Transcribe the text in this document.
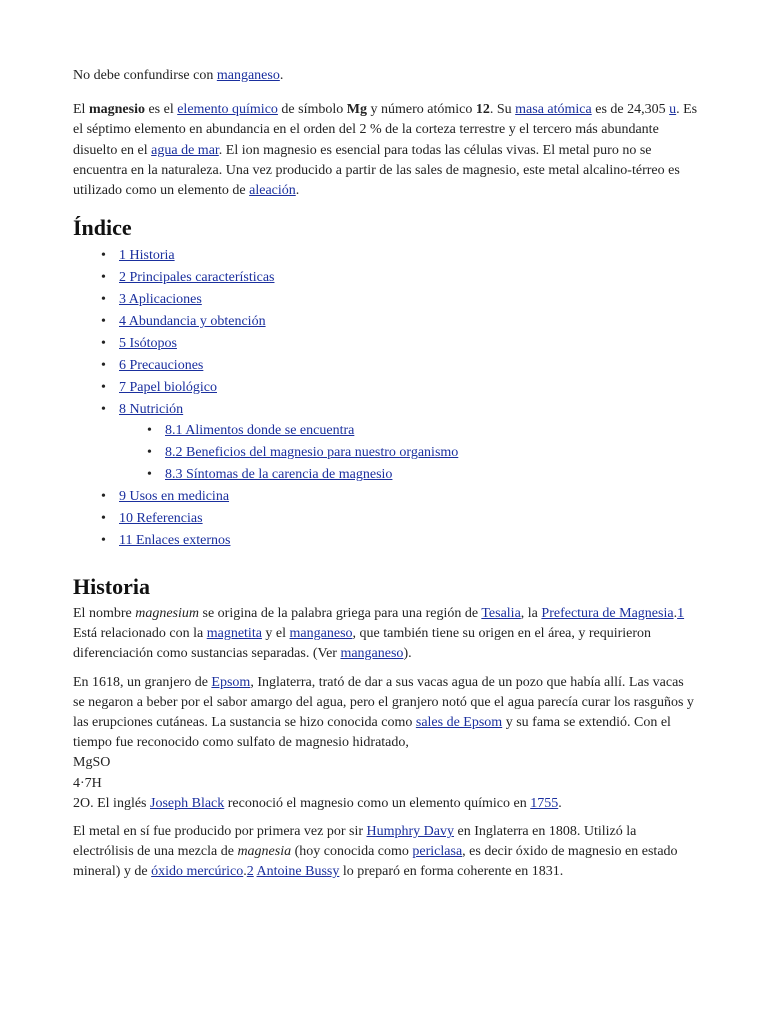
No debe confundirse con manganeso.

El magnesio es el elemento químico de símbolo Mg y número atómico 12. Su masa atómica es de 24,305 u. Es el séptimo elemento en abundancia en el orden del 2 % de la corteza terrestre y el tercero más abundante disuelto en el agua de mar. El ion magnesio es esencial para todas las células vivas. El metal puro no se encuentra en la naturaleza. Una vez producido a partir de las sales de magnesio, este metal alcalino-térreo es utilizado como un elemento de aleación.

Índice
• 1 Historia
• 2 Principales características
• 3 Aplicaciones
• 4 Abundancia y obtención
• 5 Isótopos
• 6 Precauciones
• 7 Papel biológico
• 8 Nutrición
• 8.1 Alimentos donde se encuentra
• 8.2 Beneficios del magnesio para nuestro organismo
• 8.3 Síntomas de la carencia de magnesio
• 9 Usos en medicina
• 10 Referencias
• 11 Enlaces externos
Historia

El nombre magnesium se origina de la palabra griega para una región de Tesalia, la Prefectura de Magnesia.1 Está relacionado con la magnetita y el manganeso, que también tiene su origen en el área, y requirieron diferenciación como sustancias separadas. (Ver manganeso).

En 1618, un granjero de Epsom, Inglaterra, trató de dar a sus vacas agua de un pozo que había allí. Las vacas se negaron a beber por el sabor amargo del agua, pero el granjero notó que el agua parecía curar los rasguños y las erupciones cutáneas. La sustancia se hizo conocida como sales de Epsom y su fama se extendió. Con el tiempo fue reconocido como sulfato de magnesio hidratado,
MgSO
4·7H
2O. El inglés Joseph Black reconoció el magnesio como un elemento químico en 1755.

El metal en sí fue producido por primera vez por sir Humphry Davy en Inglaterra en 1808. Utilizó la electrólisis de una mezcla de magnesia (hoy conocida como periclasa, es decir óxido de magnesio en estado mineral) y de óxido mercúrico.2 Antoine Bussy lo preparó en forma coherente en 1831.
